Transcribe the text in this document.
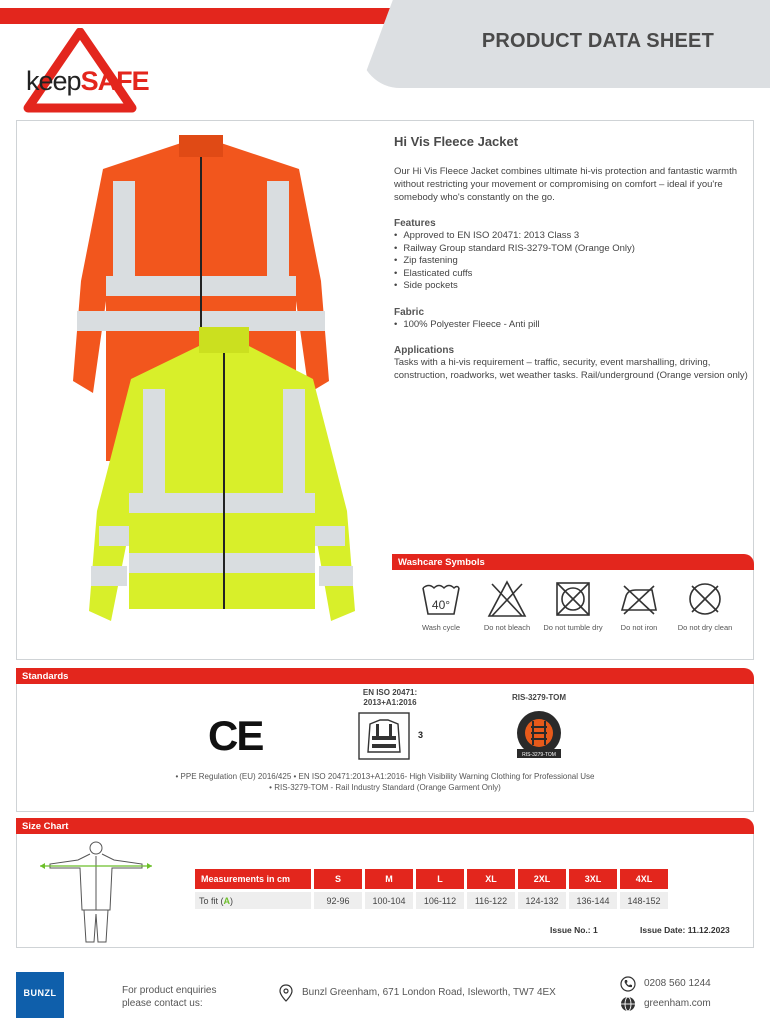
PRODUCT DATA SHEET
keepSAFE
Hi Vis Fleece Jacket
Our Hi Vis Fleece Jacket combines ultimate hi-vis protection and fantastic warmth without restricting your movement or compromising on comfort – ideal if you're somebody who's constantly on the go.
Features
• Approved to EN ISO 20471: 2013 Class 3
• Railway Group standard RIS-3279-TOM (Orange Only)
• Zip fastening
• Elasticated cuffs
• Side pockets
Fabric
• 100% Polyester Fleece - Anti pill
Applications
Tasks with a hi-vis requirement – traffic, security, event marshalling, driving, construction, roadworks, wet weather tasks. Rail/underground (Orange version only)
Washcare Symbols
40°
Wash cycle	Do not bleach	Do not tumble dry	Do not iron	Do not dry clean
Standards
CE
EN ISO 20471: 2013+A1:2016
3
RIS-3279-TOM
RIS-3279-TOM
• PPE Regulation (EU) 2016/425 • EN ISO 20471:2013+A1:2016- High Visibility Warning Clothing for Professional Use
• RIS-3279-TOM - Rail Industry Standard (Orange Garment Only)
Size Chart
Measurements in cm	S	M	L	XL	2XL	3XL	4XL
To fit (A)	92-96	100-104	106-112	116-122	124-132	136-144	148-152
Issue No.: 1	Issue Date: 11.12.2023
BUNZL	For product enquiries please contact us:
Bunzl Greenham, 671 London Road, Isleworth, TW7 4EX
0208 560 1244
greenham.com
